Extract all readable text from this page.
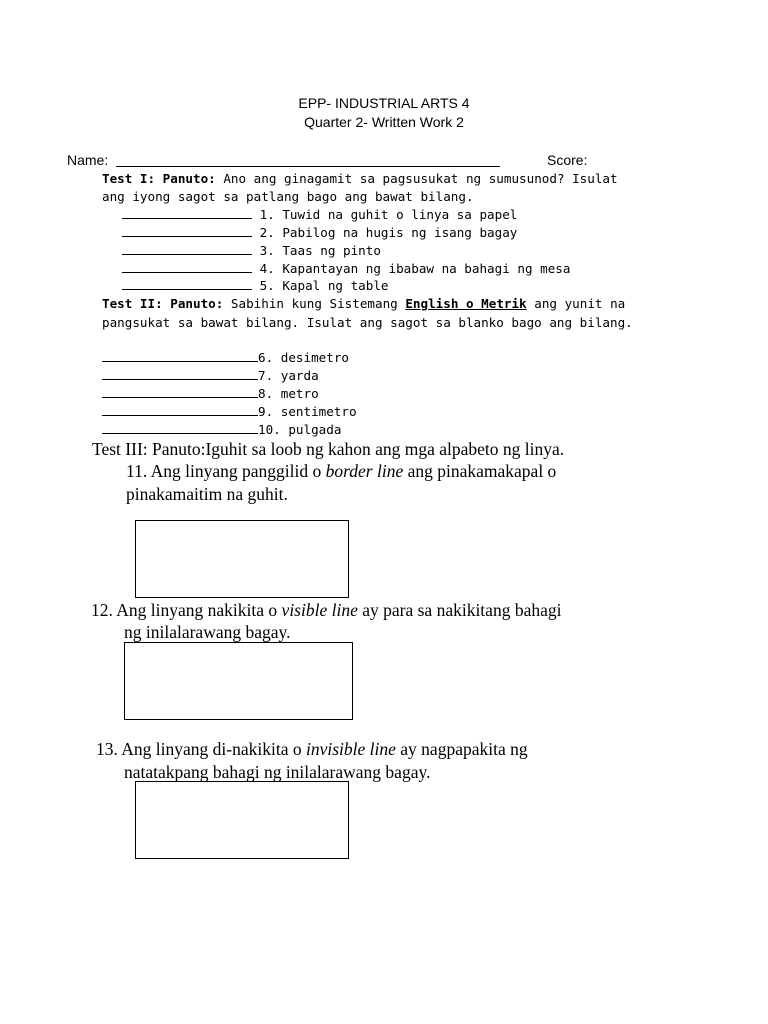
EPP- INDUSTRIAL ARTS 4
Quarter 2- Written Work 2
Name:	Score:
Test I: Panuto: Ano ang ginagamit sa pagsusukat ng sumusunod? Isulat
ang iyong sagot sa patlang bago ang bawat bilang.
1. Tuwid na guhit o linya sa papel
2. Pabilog na hugis ng isang bagay
3. Taas ng pinto
4. Kapantayan ng ibabaw na bahagi ng mesa
5. Kapal ng table
Test II: Panuto: Sabihin kung Sistemang English o Metrik ang yunit na
pangsukat sa bawat bilang. Isulat ang sagot sa blanko bago ang bilang.
6. desimetro
7. yarda
8. metro
9. sentimetro
10. pulgada
Test III: Panuto:Iguhit sa loob ng kahon ang mga alpabeto ng linya.
11. Ang linyang panggilid o border line ang pinakamakapal o
pinakamaitim na guhit.
12. Ang linyang nakikita o visible line ay para sa nakikitang bahagi
ng inilalarawang bagay.
13. Ang linyang di-nakikita o invisible line ay nagpapakita ng
natatakpang bahagi ng inilalarawang bagay.
